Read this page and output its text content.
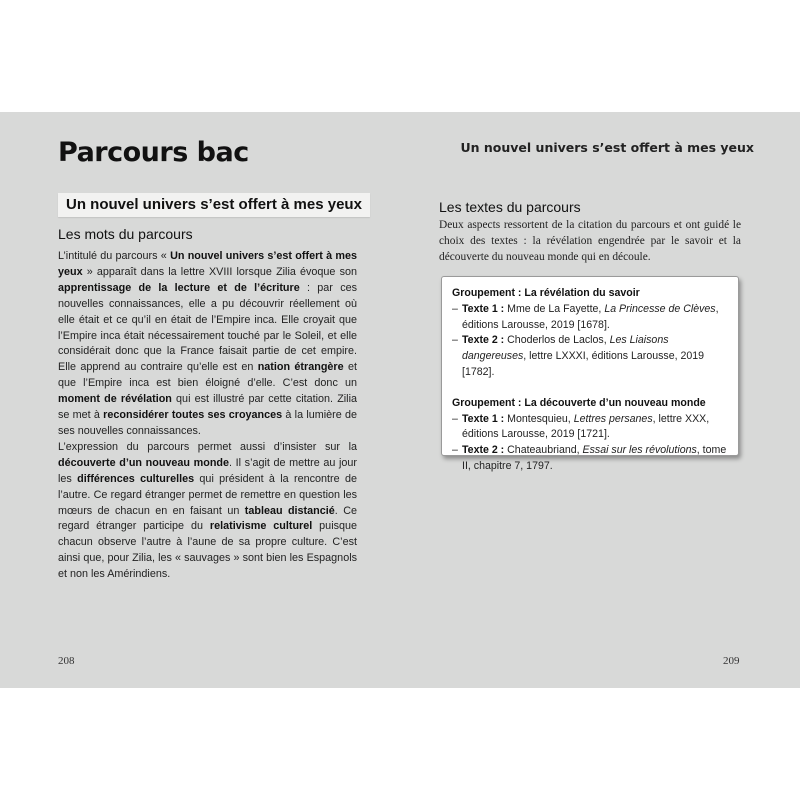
Parcours bac	Un nouvel univers s’est offert à mes yeux
Un nouvel univers s’est offert à mes yeux
Les mots du parcours

L’intitulé du parcours « Un nouvel univers s’est offert à mes yeux » apparaît dans la lettre XVIII lorsque Zilia évoque son apprentissage de la lecture et de l’écriture : par ces nouvelles connaissances, elle a pu découvrir réellement où elle était et ce qu’il en était de l’Empire inca. Elle croyait que l’Empire inca était nécessairement touché par le Soleil, et elle considérait donc que la France faisait partie de cet empire. Elle apprend au contraire qu’elle est en nation étrangère et que l’Empire inca est bien éloigné d’elle. C’est donc un moment de révélation qui est illustré par cette citation. Zilia se met à reconsidérer toutes ses croyances à la lumière de ses nouvelles connaissances.

L’expression du parcours permet aussi d’insister sur la découverte d’un nouveau monde. Il s’agit de mettre au jour les différences culturelles qui président à la rencontre de l’autre. Ce regard étranger permet de remettre en question les mœurs de chacun en en faisant un tableau distancié. Ce regard étranger participe du relativisme culturel puisque chacun observe l’autre à l’aune de sa propre culture. C’est ainsi que, pour Zilia, les « sauvages » sont bien les Espagnols et non les Amérindiens.

Les textes du parcours
Deux aspects ressortent de la citation du parcours et ont guidé le choix des textes : la révélation engendrée par le savoir et la découverte du nouveau monde qui en découle.
Groupement : La révélation du savoir
– Texte 1 : Mme de La Fayette, La Princesse de Clèves, éditions Larousse, 2019 [1678].
– Texte 2 : Choderlos de Laclos, Les Liaisons dangereuses, lettre LXXXI, éditions Larousse, 2019 [1782].
Groupement : La découverte d’un nouveau monde
– Texte 1 : Montesquieu, Lettres persanes, lettre XXX, éditions Larousse, 2019 [1721].
– Texte 2 : Chateaubriand, Essai sur les révolutions, tome II, chapitre 7, 1797.
208	209
